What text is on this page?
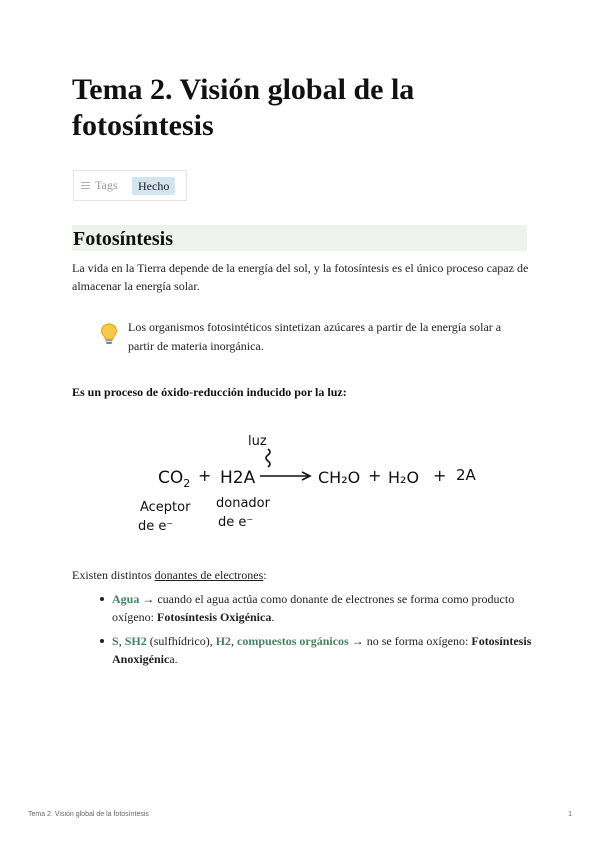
Tema 2. Visión global de la fotosíntesis
Tags	Hecho
Fotosíntesis

La vida en la Tierra depende de la energía del sol, y la fotosíntesis es el único proceso capaz de almacenar la energía solar.

Los organismos fotosintéticos sintetizan azúcares a partir de la energía solar a partir de materia inorgánica.
Es un proceso de óxido-reducción inducido por la luz:
$CO_2 + H2A$
luz
CH₂O + H₂O + 2A
Aceptor
de e⁻
donador
de e⁻

Existen distintos donantes de electrones:

Agua → cuando el agua actúa como donante de electrones se forma como producto oxígeno: Fotosíntesis Oxigénica.
S, SH2 (sulfhídrico), H2, compuestos orgánicos → no se forma oxígeno: Fotosíntesis Anoxigénica.
Tema 2. Visión global de la fotosíntesis	1
